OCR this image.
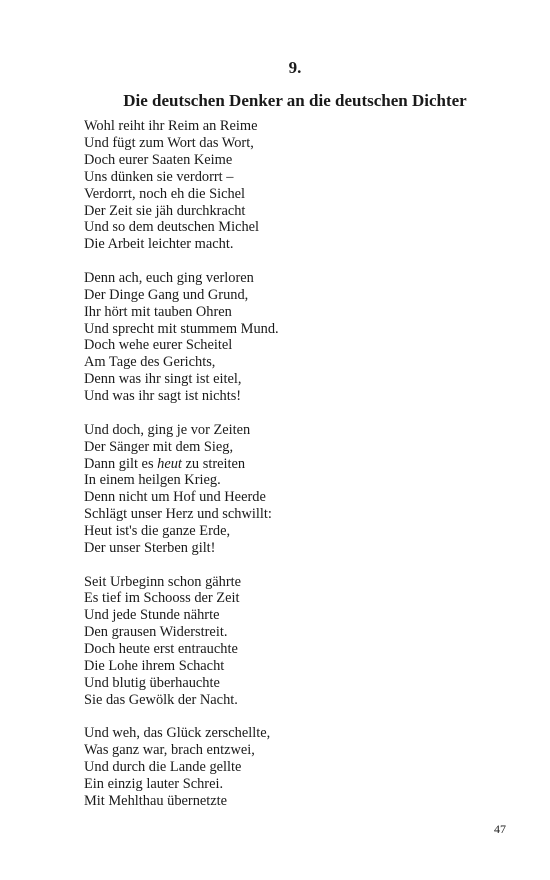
9.
Die deutschen Denker an die deutschen Dichter
Wohl reiht ihr Reim an Reime
Und fügt zum Wort das Wort,
Doch eurer Saaten Keime
Uns dünken sie verdorrt –
Verdorrt, noch eh die Sichel
Der Zeit sie jäh durchkracht
Und so dem deutschen Michel
Die Arbeit leichter macht.
Denn ach, euch ging verloren
Der Dinge Gang und Grund,
Ihr hört mit tauben Ohren
Und sprecht mit stummem Mund.
Doch wehe eurer Scheitel
Am Tage des Gerichts,
Denn was ihr singt ist eitel,
Und was ihr sagt ist nichts!
Und doch, ging je vor Zeiten
Der Sänger mit dem Sieg,
Dann gilt es heut zu streiten
In einem heilgen Krieg.
Denn nicht um Hof und Heerde
Schlägt unser Herz und schwillt:
Heut ist's die ganze Erde,
Der unser Sterben gilt!
Seit Urbeginn schon gährte
Es tief im Schooss der Zeit
Und jede Stunde nährte
Den grausen Widerstreit.
Doch heute erst entrauchte
Die Lohe ihrem Schacht
Und blutig überhauchte
Sie das Gewölk der Nacht.
Und weh, das Glück zerschellte,
Was ganz war, brach entzwei,
Und durch die Lande gellte
Ein einzig lauter Schrei.
Mit Mehlthau übernetzte
47
